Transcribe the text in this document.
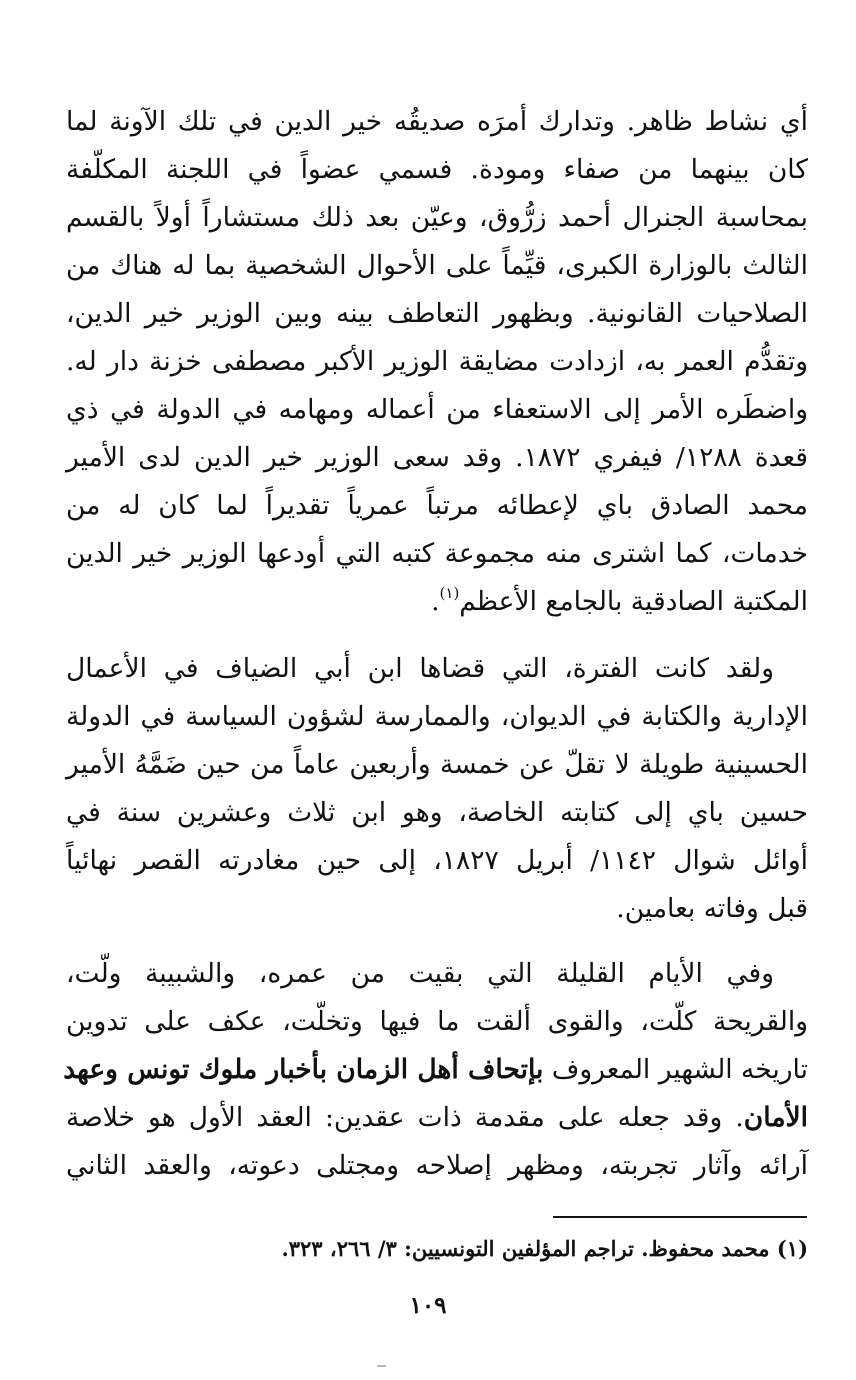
أي نشاط ظاهر. وتدارك أمرَه صديقُه خير الدين في تلك الآونة لما
كان بينهما من صفاء ومودة. فسمي عضواً في اللجنة المكلّفة
بمحاسبة الجنرال أحمد زرُّوق، وعيّن بعد ذلك مستشاراً أولاً بالقسم
الثالث بالوزارة الكبرى، قيِّماً على الأحوال الشخصية بما له هناك من
الصلاحيات القانونية. وبظهور التعاطف بينه وبين الوزير خير الدين،
وتقدُّم العمر به، ازدادت مضايقة الوزير الأكبر مصطفى خزنة دار له.
واضطَره الأمر إلى الاستعفاء من أعماله ومهامه في الدولة في ذي
قعدة ١٢٨٨/ فيفري ١٨٧٢. وقد سعى الوزير خير الدين لدى الأمير
محمد الصادق باي لإعطائه مرتباً عمرياً تقديراً لما كان له من
خدمات، كما اشترى منه مجموعة كتبه التي أودعها الوزير خير الدين
المكتبة الصادقية بالجامع الأعظم$^{(١)}$.
ولقد كانت الفترة، التي قضاها ابن أبي الضياف في الأعمال
الإدارية والكتابة في الديوان، والممارسة لشؤون السياسة في الدولة
الحسينية طويلة لا تقلّ عن خمسة وأربعين عاماً من حين ضَمَّهُ الأمير
حسين باي إلى كتابته الخاصة، وهو ابن ثلاث وعشرين سنة في
أوائل شوال ١١٤٢/ أبريل ١٨٢٧، إلى حين مغادرته القصر نهائياً
قبل وفاته بعامين.
وفي الأيام القليلة التي بقيت من عمره، والشبيبة ولّت،
والقريحة كلّت، والقوى ألقت ما فيها وتخلّت، عكف على تدوين
تاريخه الشهير المعروف بإتحاف أهل الزمان بأخبار ملوك تونس وعهد
الأمان. وقد جعله على مقدمة ذات عقدين: العقد الأول هو خلاصة
آرائه وآثار تجربته، ومظهر إصلاحه ومجتلى دعوته، والعقد الثاني
(١) محمد محفوظ. تراجم المؤلفين التونسيين: ٣/ ٢٦٦، ٣٢٣.
١٠٩
